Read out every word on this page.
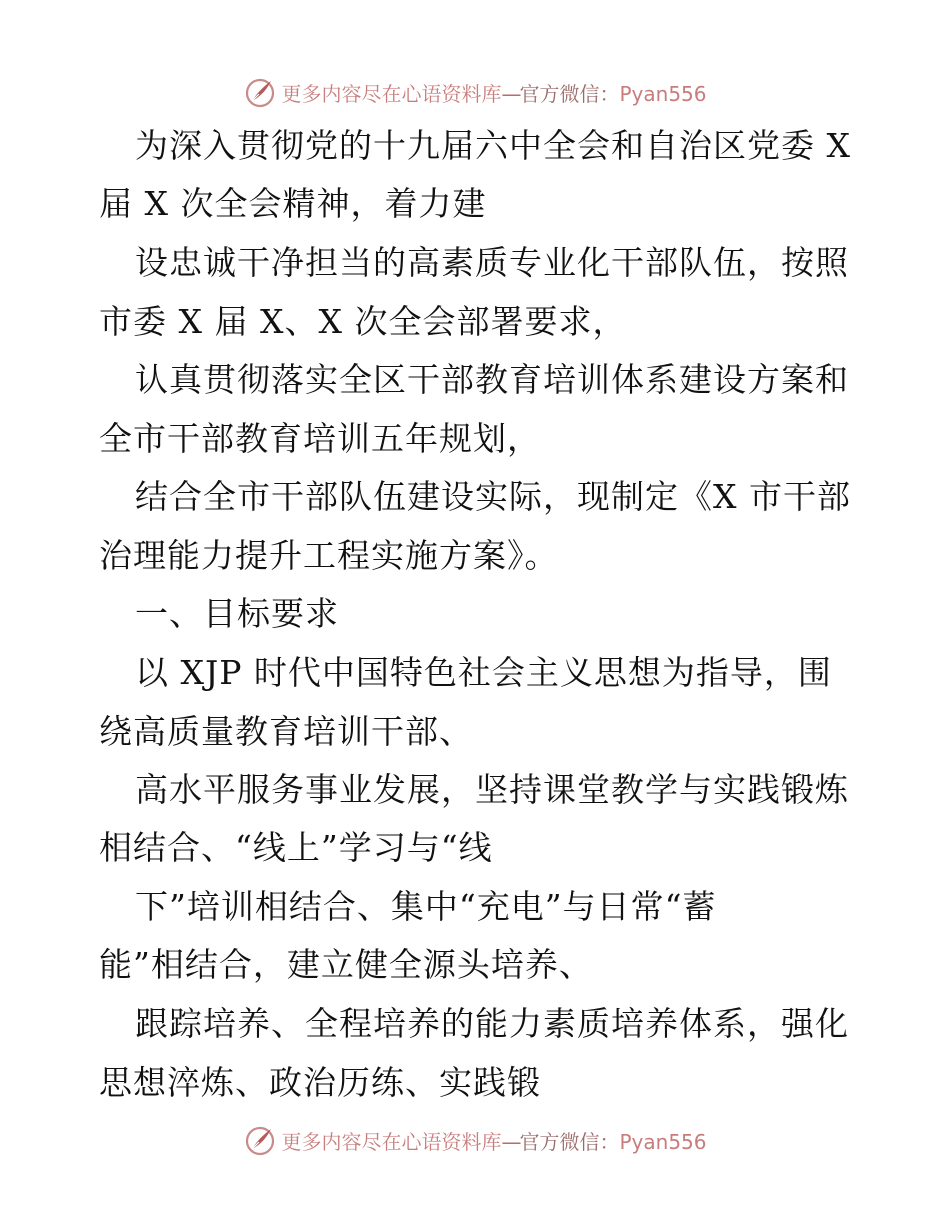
更多内容尽在心语资料库—官方微信：Pyan556
为深入贯彻党的十九届六中全会和自治区党委 X
届 X 次全会精神，着力建
设忠诚干净担当的高素质专业化干部队伍，按照
市委 X 届 X、X 次全会部署要求，
认真贯彻落实全区干部教育培训体系建设方案和
全市干部教育培训五年规划，
结合全市干部队伍建设实际，现制定《X 市干部
治理能力提升工程实施方案》。
一、目标要求
以 XJP 时代中国特色社会主义思想为指导，围
绕高质量教育培训干部、
高水平服务事业发展，坚持课堂教学与实践锻炼
相结合、“线上”学习与“线
下”培训相结合、集中“充电”与日常“蓄
能”相结合，建立健全源头培养、
跟踪培养、全程培养的能力素质培养体系，强化
思想淬炼、政治历练、实践锻
更多内容尽在心语资料库—官方微信：Pyan556
